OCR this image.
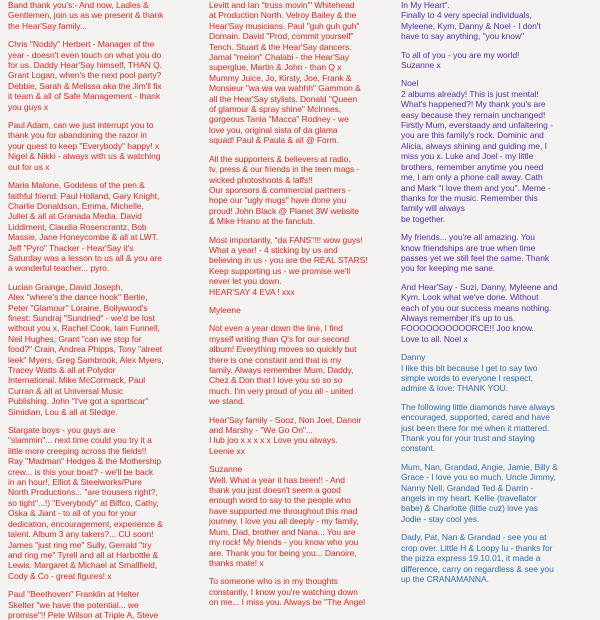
Band thank you's:- And now, Ladies &
Gentlemen, join us as we present & thank
the Hear'Say family...

Chris "Noddy" Herbert - Manager of the
year - doesn't even touch on what you do
for us. Daddy Hear'Say himself, THAN Q.
Grant Logan, when's the next pool party?
Debbie, Sarah & Melissa aka the Jim'll fix
it team & all of Safe Management - thank
you guys x

Paul Adam, can we just interrupt you to
thank you for abandoning the razor in
your quest to keep "Everybody" happy! x
Nigel & Nikki - always with us & watching
out for us x

Maria Malone, Goddess of the pen &
faithful friend. Paul Holland, Gary Knight,
Charlie Donaldson, Emma, Michelle,
Juliet & all at Granada Media. David
Liddiment, Claudia Rosencrantz, Bob
Massie, Jane Honeycombe & all at LWT.
Jeff "Pyro" Thacker - Hear'Say it's
Saturday was a lesson to us all & you are
a wonderful teacher... pyro.

Lucian Grainge, David Joseph,
Alex "where's the dance hook" Bertie,
Peter "Glamour" Loraine, Bollywood's
finest: Sundraj "Sundried" - we'd be lost
without you x, Rachel Cook, Iain Funnell,
Neil Hughes, Grant "can we stop for
food?" Crain, Andrea Phipps, Tony "alreet
leek" Myers, Greg Sambrook, Alex Myers,
Tracey Watts & all at Polydor
International. Mike McCormack, Paul
Curran & all at Universal Music
Publishing. John "I've got a sportscar"
Simidian, Lou & all at Sledge.

Stargate boys - you guys are
"slammin"... next time could you try it a
little more creeping across the fields!!
Ray "Madman" Hedges & the Mothership
crew... is this your boat? - we'll be back
in an hour!, Elliot & Steelworks/Pure
North Productions... "are trousers right?,
so tight"...!) "Everybody" at Biffco, Cathy,
Oska & Jiant - to all of you for your
dedication, encouragement, experience &
talent. Album 3 any takers?... CU soon!
James "just ring me" Sully, Gerrald "try
and ring me" Tyrell and all at Harbottle &
Lewis. Margaret & Michael at Smallfield,
Cody & Co - great figures! x

Paul "Beethoven" Franklin at Helter
Skelter "we have the potential... we
promise"!! Pete Wilson at Triple A, Steve

Levitt and Ian "truss movin'" Whitehead
at Production North. Velroy Bailey & the
Hear'Say musicians. Paul "guh guh guh"
Domain. David "Prod, commit yourself"
Tench. Stuart & the Hear'Say dancers.
Jamal "meion" Chalabi - the Hear'Say
superglue, Martin & John - than Q x
Mummy Juice, Jo, Kirsty, Joe, Frank &
Monsieur "wa wa wa wahhh" Gammon &
all the Hear'Say stylists. Donald "Queen
of glamour & spray shine" McInnes,
gorgeous Tania "Macca" Rodney - we
love you, original sista of da glama
squad! Paul & Paula & all @ Form.

All the supporters & believers at radio,
tv, press & our friends in the teen mags -
wicked photoshoots & laffs!!
Our sponsors & commercial partners -
hope our "ugly mugs" have done you
proud! John Black @ Planet 3W website
& Mike Hrano at the fanclub.

Most importantly, "da FANS"!!! wow guys!
What a year! - 4 sticking by us and
believing in us - you are the REAL STARS!
Keep supporting us - we promise we'll
never let you down.
HEAR'SAY 4 EVA ! xxx

Myleene

Not even a year down the line, I find
myself writing than Q's for our second
album! Everything moves so quickly but
there is one constant and that is my
family. Always remember Mum, Daddy,
Chez & Don that I love you so so so
much. I'm very proud of you all - united
we stand.

Hear'Say family - Sooz, Non Joel, Danoir
and Marshy - "We Go On"...
I lub joo x x x x x Love you always.
Leenie xx

Suzanne
Well. What a year it has been!! - And
thank you just doesn't seem a good
enough word to say to the people who
have supported me throughout this mad
journey. I love you all deeply - my family,
Mum, Dad, brother and Nana... You are
my rock! My friends - you know who you
are. Thank you for being you... Danoire,
thanks mate! x

To someone who is in my thoughts
constantly, I know you're watching down
on me... I miss you. Always be "The Angel

In My Heart".
Finally to 4 very special individuals,
Myleene, Kym, Danny & Noel - I don't
have to say anything, "you know"

To all of you - you are my world!
Suzanne x

Noel
2 albums already! This is just mental!
What's happened?! My thank you's are
easy because they remain unchanged!
Firstly Mum, everstaady and unfaltering -
you are this family's rock. Dominic and
Alicia, always shining and guiding me, I
miss you x. Luke and Joel - my little
brothers, remember anytime you need
me, I am only a phone call away. Cath
and Mark "I love them and you". Meme -
thanks for the music. Remember this
family will always
be together.

My friends... you're all amazing. You
know friendships are true when time
passes yet we still feel the same. Thank
you for keeping me sane.

And Hear'Say - Suzi, Danny, Myleene and
Kym. Look what we've done. Without
each of you our success means nothing.
Always remember it's up to us.
FOOOOOOOOOORCE!! Joo know.
Love to all. Noel x

Danny
I like this bit because I get to say two
simple words to everyone I respect,
admire & love: THANK YOU.

The following little diamonds have always
encouraged, supported, cared and have
just been there for me when it mattered.
Thank you for your trust and staying
constant.

Mum, Nan, Grandad, Angie, Jamie, Billy &
Grace - I love you so much. Uncle Jimmy,
Nanny Nell, Grandad Ted & Darrin -
angels in my heart. Kellie (travellator
babe) & Charlotte (little cuz) love yas
Jodie - stay cool yes.

Dady, Pat, Nan & Grandad - see you at
crop over. Little H & Loopy lu - thanks for
the pizza express 19.10.01, it made a
difference, carry on regardless & see you
up the CRANAMANNA.
